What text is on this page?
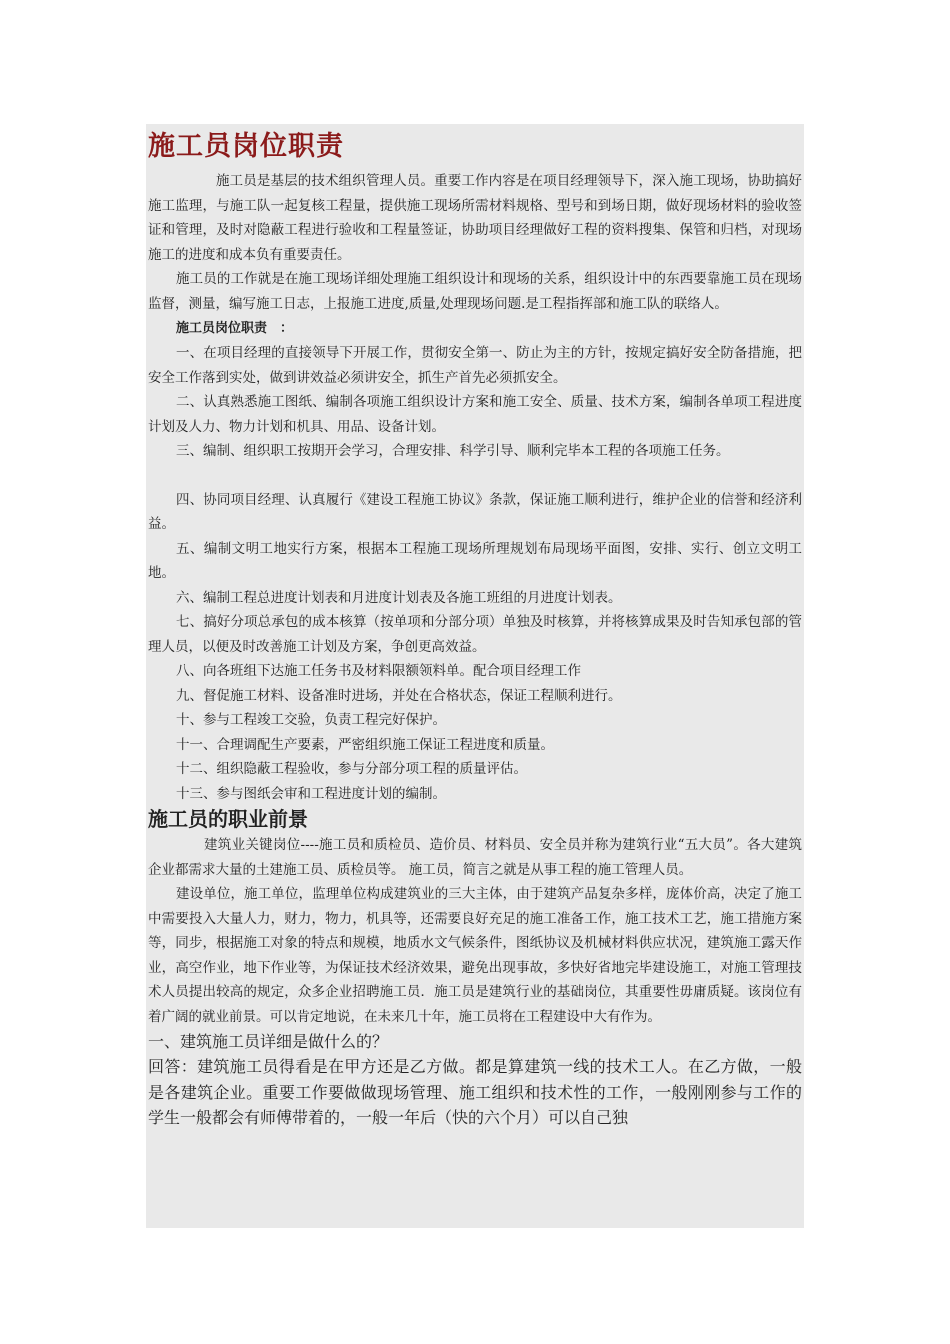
施工员岗位职责

施工员是基层的技术组织管理人员。重要工作内容是在项目经理领导下，深入施工现场，协助搞好施工监理，与施工队一起复核工程量，提供施工现场所需材料规格、型号和到场日期，做好现场材料的验收签证和管理，及时对隐蔽工程进行验收和工程量签证，协助项目经理做好工程的资料搜集、保管和归档，对现场施工的进度和成本负有重要责任。

施工员的工作就是在施工现场详细处理施工组织设计和现场的关系，组织设计中的东西要靠施工员在现场监督，测量，编写施工日志，上报施工进度,质量,处理现场问题.是工程指挥部和施工队的联络人。

施工员岗位职责　：

一、在项目经理的直接领导下开展工作，贯彻安全第一、防止为主的方针，按规定搞好安全防备措施，把安全工作落到实处，做到讲效益必须讲安全，抓生产首先必须抓安全。

二、认真熟悉施工图纸、编制各项施工组织设计方案和施工安全、质量、技术方案，编制各单项工程进度计划及人力、物力计划和机具、用品、设备计划。

三、编制、组织职工按期开会学习，合理安排、科学引导、顺利完毕本工程的各项施工任务。

四、协同项目经理、认真履行《建设工程施工协议》条款，保证施工顺利进行，维护企业的信誉和经济利益。

五、编制文明工地实行方案，根据本工程施工现场所理规划布局现场平面图，安排、实行、创立文明工地。

六、编制工程总进度计划表和月进度计划表及各施工班组的月进度计划表。

七、搞好分项总承包的成本核算（按单项和分部分项）单独及时核算，并将核算成果及时告知承包部的管理人员，以便及时改善施工计划及方案，争创更高效益。

八、向各班组下达施工任务书及材料限额领料单。配合项目经理工作

九、督促施工材料、设备准时进场，并处在合格状态，保证工程顺利进行。

十、参与工程竣工交验，负责工程完好保护。

十一、合理调配生产要素，严密组织施工保证工程进度和质量。

十二、组织隐蔽工程验收，参与分部分项工程的质量评估。

十三、参与图纸会审和工程进度计划的编制。

施工员的职业前景

建筑业关键岗位----施工员和质检员、造价员、材料员、安全员并称为建筑行业“五大员”。各大建筑企业都需求大量的土建施工员、质检员等。 施工员，简言之就是从事工程的施工管理人员。

建设单位，施工单位，监理单位构成建筑业的三大主体，由于建筑产品复杂多样，庞体价高，决定了施工中需要投入大量人力，财力，物力，机具等，还需要良好充足的施工准备工作，施工技术工艺，施工措施方案等，同步，根据施工对象的特点和规模，地质水文气候条件，图纸协议及机械材料供应状况，建筑施工露天作业，高空作业，地下作业等，为保证技术经济效果，避免出现事故，多快好省地完毕建设施工，对施工管理技术人员提出较高的规定，众多企业招聘施工员．施工员是建筑行业的基础岗位，其重要性毋庸质疑。该岗位有着广阔的就业前景。可以肯定地说，在未来几十年，施工员将在工程建设中大有作为。

一、建筑施工员详细是做什么的？

回答：建筑施工员得看是在甲方还是乙方做。都是算建筑一线的技术工人。在乙方做，一般是各建筑企业。重要工作要做做现场管理、施工组织和技术性的工作，一般刚刚参与工作的学生一般都会有师傅带着的，一般一年后（快的六个月）可以自己独
